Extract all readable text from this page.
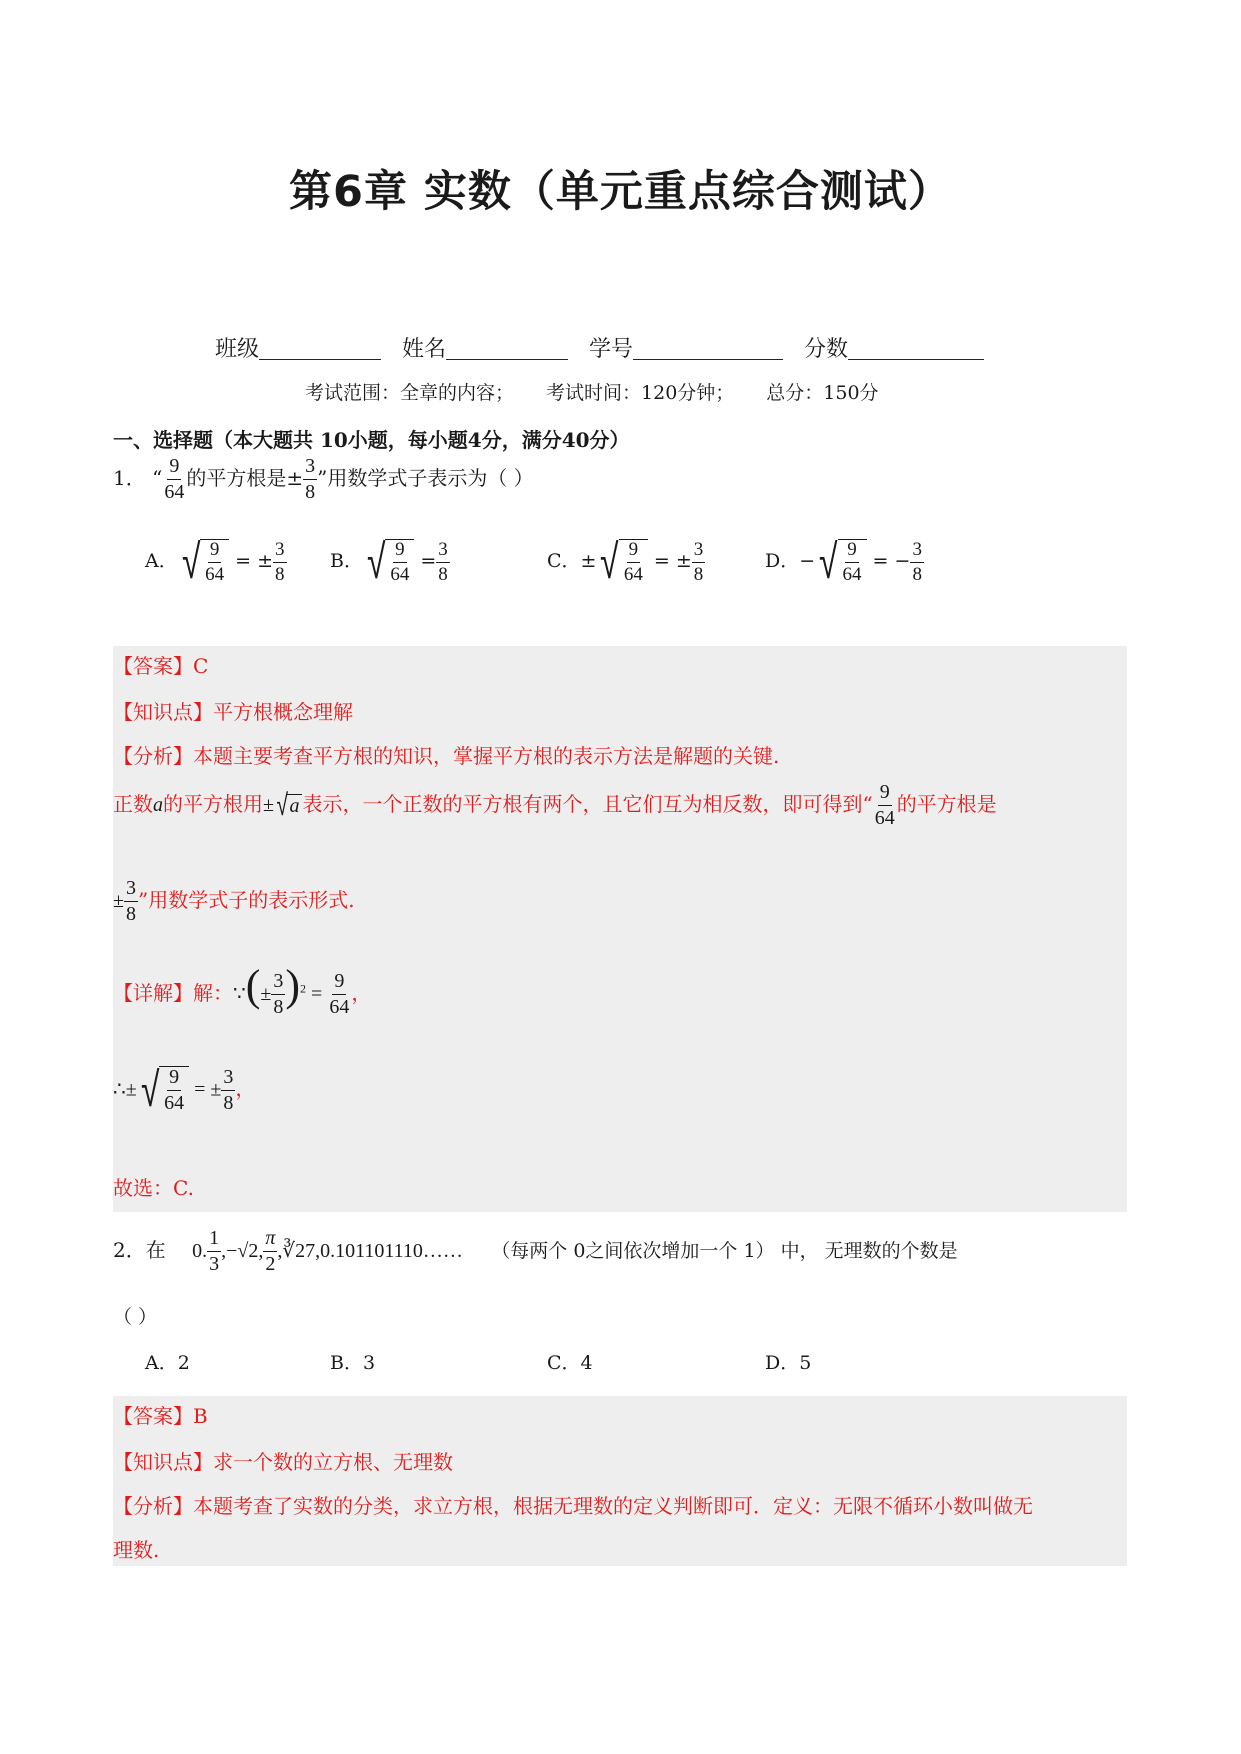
第6章 实数（单元重点综合测试）
班级	姓名	学号	分数
考试范围：全章的内容； 考试时间：120分钟； 总分：150分
一、选择题（本大题共 10小题，每小题4分，满分40分）
1． “ $\frac{9}{64}$ 的平方根是± $\frac{3}{8}$ ”用数学式子表示为（ ）
A． √ $\frac{9}{64}$ = ± $\frac{3}{8}$ B． √ $\frac{9}{64} = \frac{3}{8}$	C．± √ $\frac{9}{64}$ = ± $\frac{3}{8}$	D．− √ $\frac{9}{64}$ = − $\frac{3}{8}$
【答案】C
【知识点】平方根概念理解
【分析】本题主要考查平方根的知识，掌握平方根的表示方法是解题的关键.
正数a的平方根用± √ a 表示，一个正数的平方根有两个，且它们互为相反数，即可得到“ $\frac{9}{64}$ 的平方根是
± $\frac{3}{8}$ ”用数学式子的表示形式.
【详解】解：∵(± $\frac{3}{8} )^2 = \frac{9}{64}$ ，
∴± √ $\frac{9}{64}$ = ± $\frac{3}{8}$ ，
故选：C.
2．在 0. $\frac{1}{3} ,-√2$, $\frac{\pi}{2}$ ,∛27,0.101101110…… （每两个 0之间依次增加一个 1） 中， 无理数的个数是
（ ）
A．2	B．3	C．4	D．5
【答案】B
【知识点】求一个数的立方根、无理数
【分析】本题考查了实数的分类，求立方根，根据无理数的定义判断即可．定义：无限不循环小数叫做无
理数.
